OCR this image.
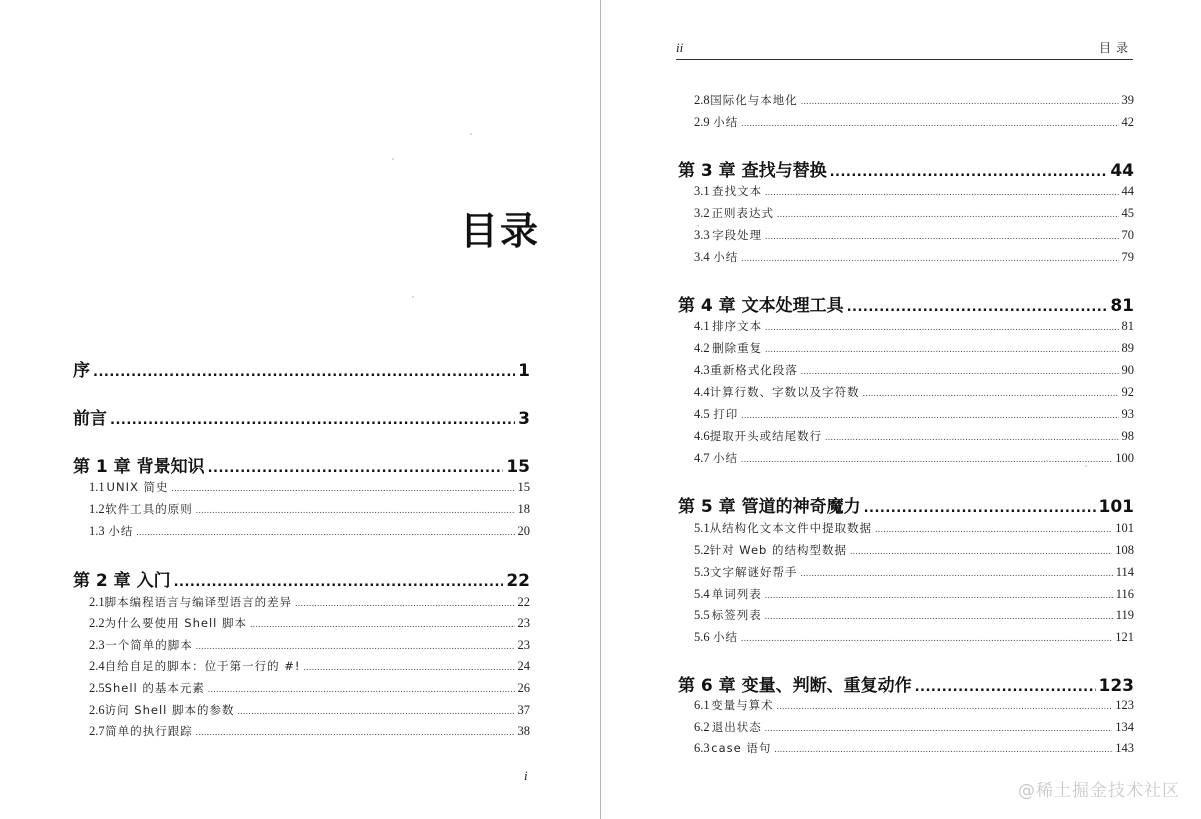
目录
序 .....	1
前言 .....	3
第 1 章 背景知识 .....	15
1.1 UNIX 简史 .....	15
1.2 软件工具的原则 .....	18
1.3 小结 .....	20
第 2 章 入门 .....	22
2.1 脚本编程语言与编译型语言的差异 .....	22
2.2 为什么要使用 Shell 脚本 .....	23
2.3 一个简单的脚本 .....	23
2.4 自给自足的脚本：位于第一行的 #! .....	24
2.5 Shell 的基本元素 .....	26
2.6 访问 Shell 脚本的参数 .....	37
2.7 简单的执行跟踪 .....	38
i
ii	目录
2.8 国际化与本地化 .....	39
2.9 小结 .....	42
第 3 章 查找与替换 .....	44
3.1 查找文本 .....	44
3.2 正则表达式 .....	45
3.3 字段处理 .....	70
3.4 小结 .....	79
第 4 章 文本处理工具 .....	81
4.1 排序文本 .....	81
4.2 删除重复 .....	89
4.3 重新格式化段落 .....	90
4.4 计算行数、字数以及字符数 .....	92
4.5 打印 .....	93
4.6 提取开头或结尾数行 .....	98
4.7 小结 .....	100
第 5 章 管道的神奇魔力 .....	101
5.1 从结构化文本文件中提取数据 .....	101
5.2 针对 Web 的结构型数据 .....	108
5.3 文字解谜好帮手 .....	114
5.4 单词列表 .....	116
5.5 标签列表 .....	119
5.6 小结 .....	121
第 6 章 变量、判断、重复动作 .....	123
6.1 变量与算术 .....	123
6.2 退出状态 .....	134
6.3 case 语句 .....	143
@稀土掘金技术社区
